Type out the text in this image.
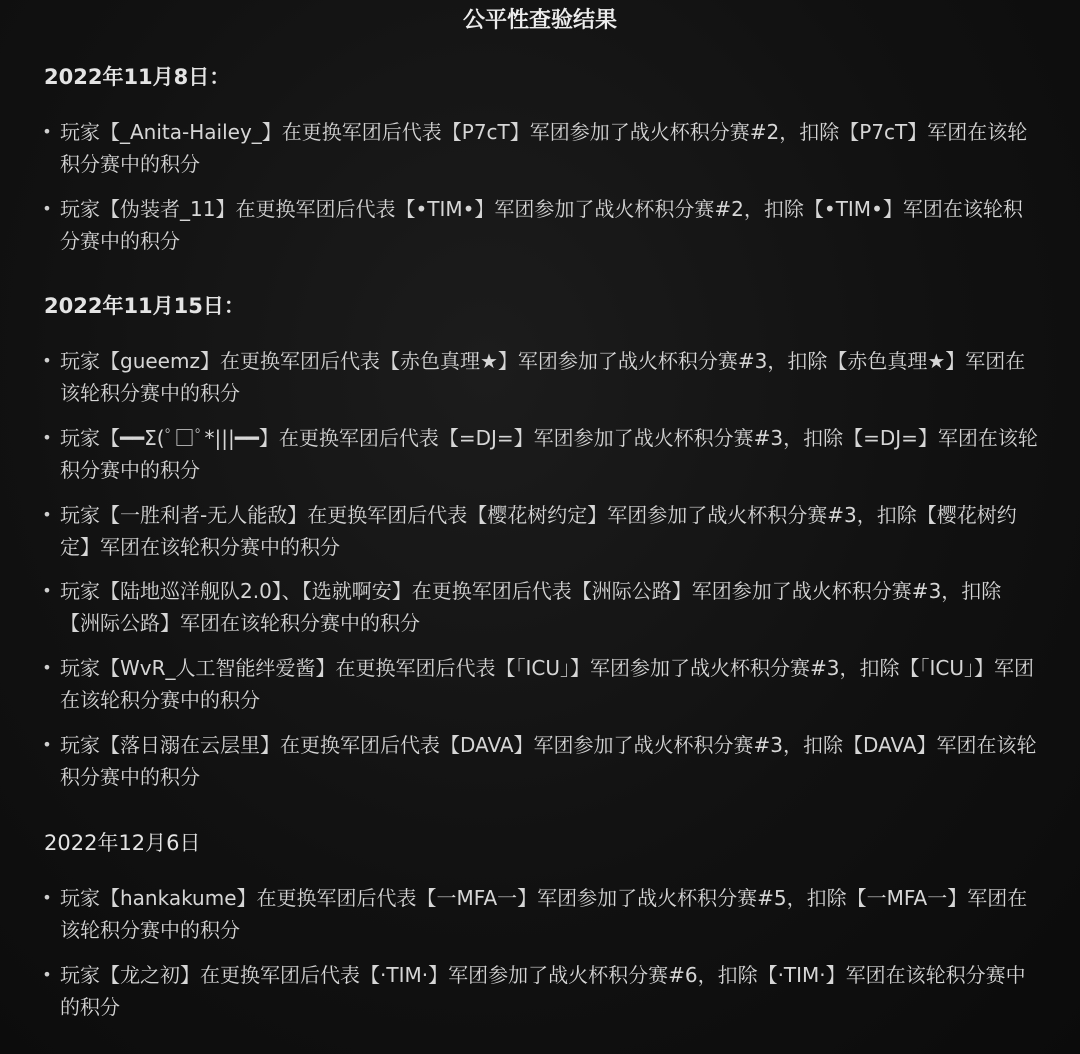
公平性查验结果
2022年11月8日：
• 玩家【_Anita-Hailey_】在更换军团后代表【P7cT】军团参加了战火杯积分赛#2，扣除【P7cT】军团在该轮积分赛中的积分
• 玩家【伪装者_11】在更换军团后代表【•TIM•】军团参加了战火杯积分赛#2，扣除【•TIM•】军团在该轮积分赛中的积分
2022年11月15日：
• 玩家【gueemz】在更换军团后代表【赤色真理★】军团参加了战火杯积分赛#3，扣除【赤色真理★】军团在该轮积分赛中的积分
• 玩家【━━Σ(ﾟ□ﾟ*|||━━】在更换军团后代表【=DJ=】军团参加了战火杯积分赛#3，扣除【=DJ=】军团在该轮积分赛中的积分
• 玩家【一胜利者-无人能敌】在更换军团后代表【樱花树约定】军团参加了战火杯积分赛#3，扣除【樱花树约定】军团在该轮积分赛中的积分
• 玩家【陆地巡洋舰队2.0】、【选就啊安】在更换军团后代表【洲际公路】军团参加了战火杯积分赛#3，扣除【洲际公路】军团在该轮积分赛中的积分
• 玩家【WvR_人工智能绊爱酱】在更换军团后代表【「ICU」】军团参加了战火杯积分赛#3，扣除【「ICU」】军团在该轮积分赛中的积分
• 玩家【落日溺在云层里】在更换军团后代表【DAVA】军团参加了战火杯积分赛#3，扣除【DAVA】军团在该轮积分赛中的积分
2022年12月6日
• 玩家【hankakume】在更换军团后代表【一MFA一】军团参加了战火杯积分赛#5，扣除【一MFA一】军团在该轮积分赛中的积分
• 玩家【龙之初】在更换军团后代表【·TIM·】军团参加了战火杯积分赛#6，扣除【·TIM·】军团在该轮积分赛中的积分
